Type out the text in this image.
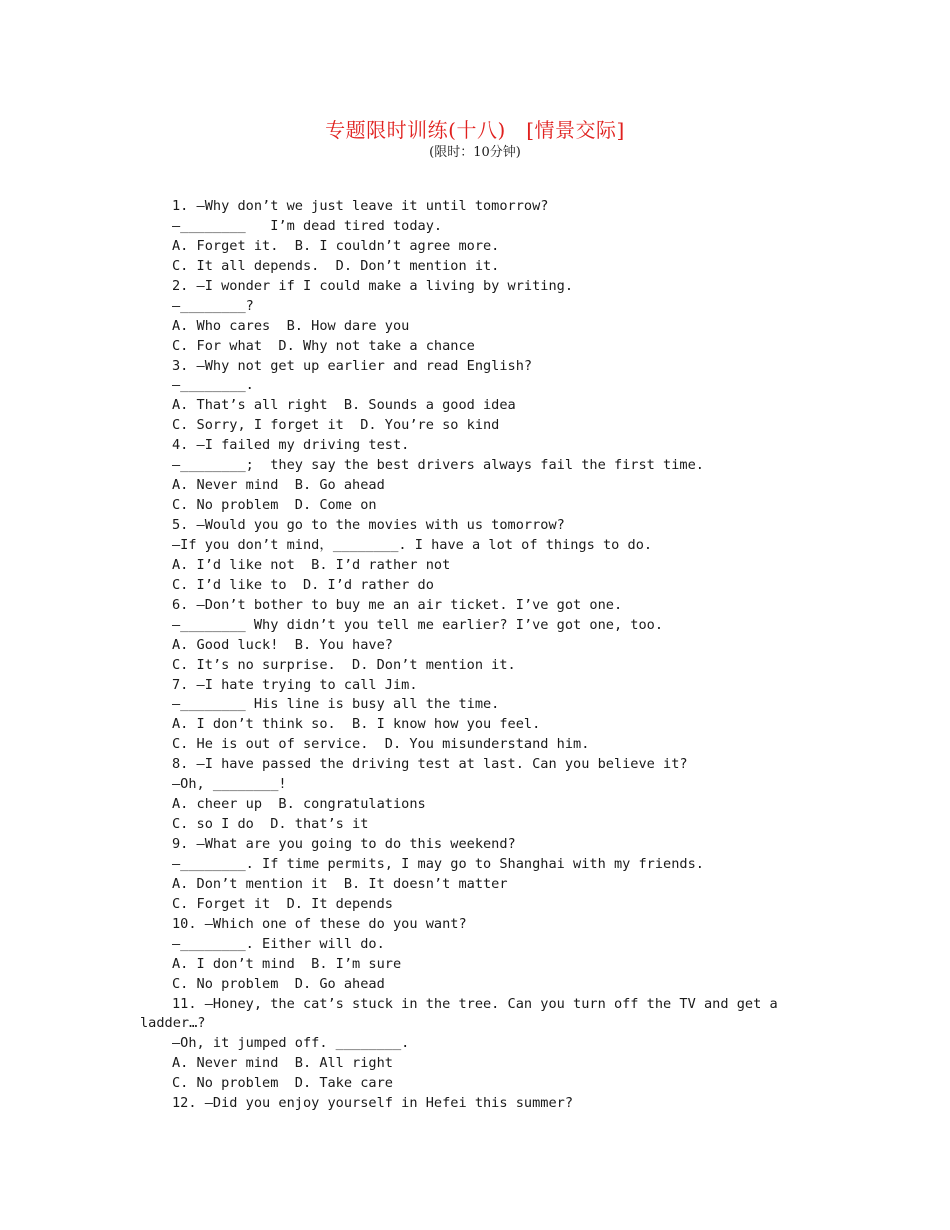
专题限时训练(十八)　[情景交际]
(限时：10分钟)
1. —Why don’t we just leave it until tomorrow?
—________   I’m dead tired today.
A. Forget it.  B. I couldn’t agree more.
C. It all depends.  D. Don’t mention it.
2. —I wonder if I could make a living by writing.
—________?
A. Who cares  B. How dare you
C. For what  D. Why not take a chance
3. —Why not get up earlier and read English?
—________.
A. That’s all right  B. Sounds a good idea
C. Sorry, I forget it  D. You’re so kind
4. —I failed my driving test.
—________;  they say the best drivers always fail the first time.
A. Never mind  B. Go ahead
C. No problem  D. Come on
5. —Would you go to the movies with us tomorrow?
—If you don’t mind，________. I have a lot of things to do.
A. I’d like not  B. I’d rather not
C. I’d like to  D. I’d rather do
6. —Don’t bother to buy me an air ticket. I’ve got one.
—________ Why didn’t you tell me earlier? I’ve got one, too.
A. Good luck!  B. You have?
C. It’s no surprise.  D. Don’t mention it.
7. —I hate trying to call Jim.
—________ His line is busy all the time.
A. I don’t think so.  B. I know how you feel.
C. He is out of service.  D. You misunderstand him.
8. —I have passed the driving test at last. Can you believe it?
—Oh, ________!
A. cheer up  B. congratulations
C. so I do  D. that’s it
9. —What are you going to do this weekend?
—________. If time permits, I may go to Shanghai with my friends.
A. Don’t mention it  B. It doesn’t matter
C. Forget it  D. It depends
10. —Which one of these do you want?
—________. Either will do.
A. I don’t mind  B. I’m sure
C. No problem  D. Go ahead
11. —Honey, the cat’s stuck in the tree. Can you turn off the TV and get a
ladder…?
—Oh, it jumped off. ________.
A. Never mind  B. All right
C. No problem  D. Take care
12. —Did you enjoy yourself in Hefei this summer?
